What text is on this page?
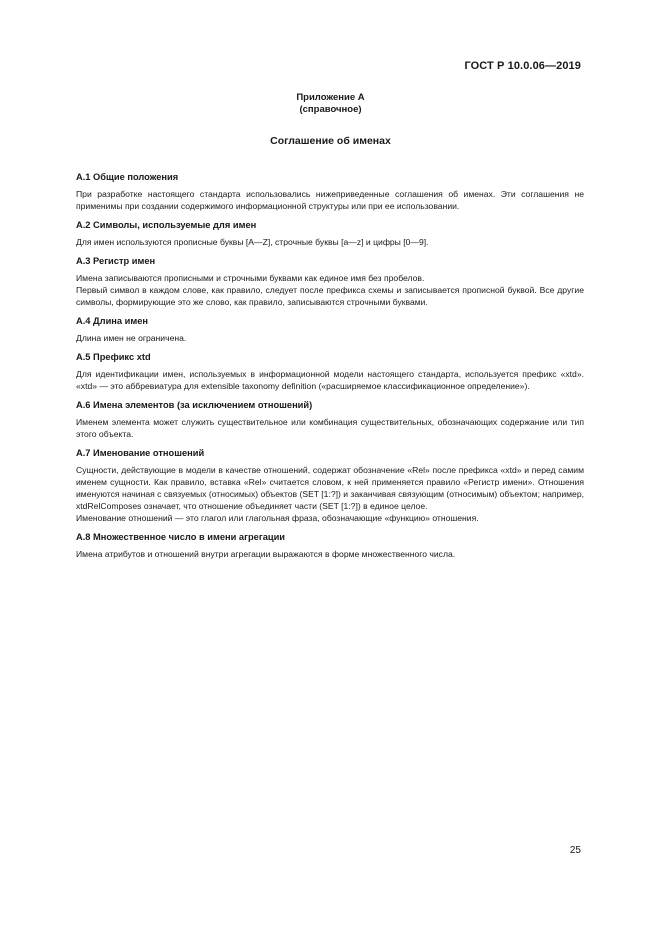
ГОСТ Р 10.0.06—2019
Приложение А
(справочное)
Соглашение об именах
А.1 Общие положения

При разработке настоящего стандарта использовались нижеприведенные соглашения об именах. Эти соглашения не применимы при создании содержимого информационной структуры или при ее использовании.

А.2 Символы, используемые для имен

Для имен используются прописные буквы [A—Z], строчные буквы [a—z] и цифры [0—9].

А.3 Регистр имен

Имена записываются прописными и строчными буквами как единое имя без пробелов.

Первый символ в каждом слове, как правило, следует после префикса схемы и записывается прописной буквой. Все другие символы, формирующие это же слово, как правило, записываются строчными буквами.

А.4 Длина имен

Длина имен не ограничена.

А.5 Префикс xtd

Для идентификации имен, используемых в информационной модели настоящего стандарта, используется префикс «xtd». «xtd» — это аббревиатура для extensible taxonomy definition («расширяемое классификационное определение»).

А.6 Имена элементов (за исключением отношений)

Именем элемента может служить существительное или комбинация существительных, обозначающих содержание или тип этого объекта.

А.7 Именование отношений

Сущности, действующие в модели в качестве отношений, содержат обозначение «Rel» после префикса «xtd» и перед самим именем сущности. Как правило, вставка «Rel» считается словом, к ней применяется правило «Регистр имени». Отношения именуются начиная с связуемых (относимых) объектов (SET [1:?]) и заканчивая связующим (относимым) объектом; например, xtdRelComposes означает, что отношение объединяет части (SET [1:?]) в единое целое.

Именование отношений — это глагол или глагольная фраза, обозначающие «функцию» отношения.

А.8 Множественное число в имени агрегации

Имена атрибутов и отношений внутри агрегации выражаются в форме множественного числа.

25
